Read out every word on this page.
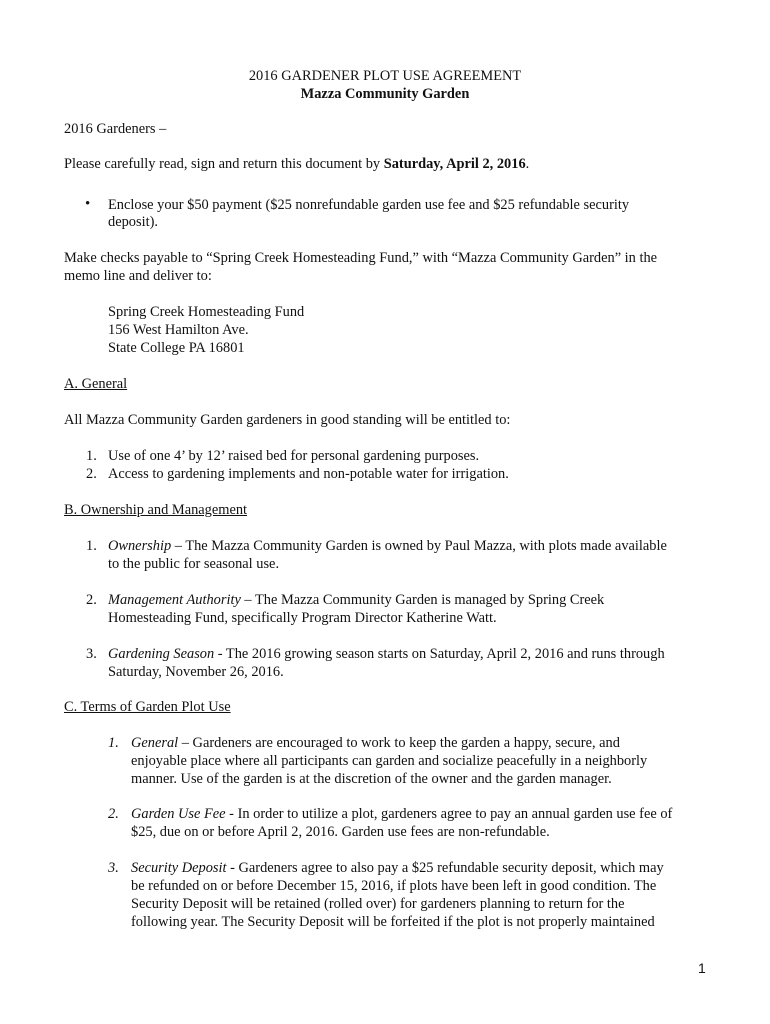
2016 GARDENER PLOT USE AGREEMENT
Mazza Community Garden
2016 Gardeners –
Please carefully read, sign and return this document by Saturday, April 2, 2016.
• Enclose your $50 payment ($25 nonrefundable garden use fee and $25 refundable security
deposit).
Make checks payable to “Spring Creek Homesteading Fund,” with “Mazza Community Garden” in the
memo line and deliver to:
Spring Creek Homesteading Fund
156 West Hamilton Ave.
State College PA 16801
A. General
All Mazza Community Garden gardeners in good standing will be entitled to:
1. Use of one 4’ by 12’ raised bed for personal gardening purposes.
2. Access to gardening implements and non-potable water for irrigation.
B. Ownership and Management
1. Ownership – The Mazza Community Garden is owned by Paul Mazza, with plots made available
to the public for seasonal use.
2. Management Authority – The Mazza Community Garden is managed by Spring Creek
Homesteading Fund, specifically Program Director Katherine Watt.
3. Gardening Season - The 2016 growing season starts on Saturday, April 2, 2016 and runs through
Saturday, November 26, 2016.
C. Terms of Garden Plot Use
1. General – Gardeners are encouraged to work to keep the garden a happy, secure, and
enjoyable place where all participants can garden and socialize peacefully in a neighborly
manner. Use of the garden is at the discretion of the owner and the garden manager.
2. Garden Use Fee - In order to utilize a plot, gardeners agree to pay an annual garden use fee of
$25, due on or before April 2, 2016. Garden use fees are non-refundable.
3. Security Deposit - Gardeners agree to also pay a $25 refundable security deposit, which may
be refunded on or before December 15, 2016, if plots have been left in good condition. The
Security Deposit will be retained (rolled over) for gardeners planning to return for the
following year. The Security Deposit will be forfeited if the plot is not properly maintained
1
